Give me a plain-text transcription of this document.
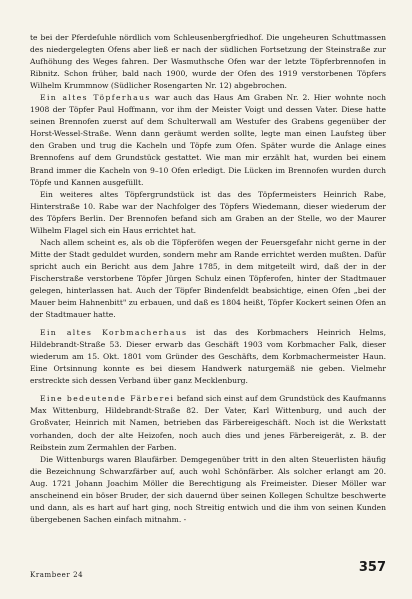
te bei der Pferdeſuhle nördlich vom Schleusenbergfriedhof. Die ungeheuren Schuttmassen des niedergelegten Ofens aber ließ er nach der südlichen Fortsetzung der Steinstraße zur Aufhöhung des Weges fahren. Der Wasmuthsche Ofen war der letzte Töpferbrennofen in Ribnitz. Schon früher, bald nach 1900, wurde der Ofen des 1919 verstorbenen Töpfers Wilhelm Krummnow (Südlicher Rosengarten Nr. 12) abgebrochen.

Ein altes Töpferhaus war auch das Haus Am Graben Nr. 2. Hier wohnte noch 1908 der Töpfer Paul Hoffmann, vor ihm der Meister Voigt und dessen Vater. Diese hatte seinen Brennofen zuerst auf dem Schulterwall am Westufer des Grabens gegenüber der Horst-Wessel-Straße. Wenn dann geräumt werden sollte, legte man einen Laufsteg über den Graben und trug die Kacheln und Töpfe zum Ofen. Später wurde die Anlage eines Brennofens auf dem Grundstück gestattet. Wie man mir erzählt hat, wurden bei einem Brand immer die Kacheln von 9–10 Ofen erledigt. Die Lücken im Brennofen wurden durch Töpfe und Kannen ausgefüllt.

Ein weiteres altes Töpfergrundstück ist das des Töpfermeisters Heinrich Rabe, Hinterstraße 10. Rabe war der Nachfolger des Töpfers Wiedemann, dieser wiederum der des Töpfers Berlin. Der Brennofen befand sich am Graben an der Stelle, wo der Maurer Wilhelm Flagel sich ein Haus errichtet hat.

Nach allem scheint es, als ob die Töpferöfen wegen der Feuersgefahr nicht gerne in der Mitte der Stadt geduldet wurden, sondern mehr am Rande errichtet werden mußten. Dafür spricht auch ein Bericht aus dem Jahre 1785, in dem mitgeteilt wird, daß der in der Fischerstraße verstorbene Töpfer Jürgen Schulz einen Töpferofen, hinter der Stadtmauer gelegen, hinterlassen hat. Auch der Töpfer Bindenfeldt beabsichtige, einen Ofen „bei der Mauer beim Hahnenbitt" zu erbauen, und daß es 1804 heißt, Töpfer Kockert seinen Ofen an der Stadtmauer hatte.

Ein altes Korbmacherhaus ist das des Korbmachers Heinrich Helms, Hildebrandt-Straße 53. Dieser erwarb das Geschäft 1903 vom Korbmacher Falk, dieser wiederum am 15. Okt. 1801 vom Gründer des Geschäfts, dem Korbmachermeister Haun. Eine Ortsinnung konnte es bei diesem Handwerk naturgemäß nie geben. Vielmehr erstreckte sich dessen Verband über ganz Mecklenburg.

Eine bedeutende Färberei befand sich einst auf dem Grundstück des Kaufmanns Max Wittenburg, Hildebrandt-Straße 82. Der Vater, Karl Wittenburg, und auch der Großvater, Heinrich mit Namen, betrieben das Färbereigeschäft. Noch ist die Werkstatt vorhanden, doch der alte Heizofen, noch auch dies und jenes Färbereigerät, z. B. der Reibstein zum Zermahlen der Farben.

Die Wittenburgs waren Blaufärber. Demgegenüber tritt in den alten Steuerlisten häufig die Bezeichnung Schwarzfärber auf, auch wohl Schönfärber. Als solcher erlangt am 20. Aug. 1721 Johann Joachim Möller die Berechtigung als Freimeister. Dieser Möller war anscheinend ein böser Bruder, der sich dauernd über seinen Kollegen Schultze beschwerte und dann, als es hart auf hart ging, noch Streitig entwich und die ihm von seinen Kunden übergebenen Sachen einfach mitnahm. -

Krambeer 24	357
